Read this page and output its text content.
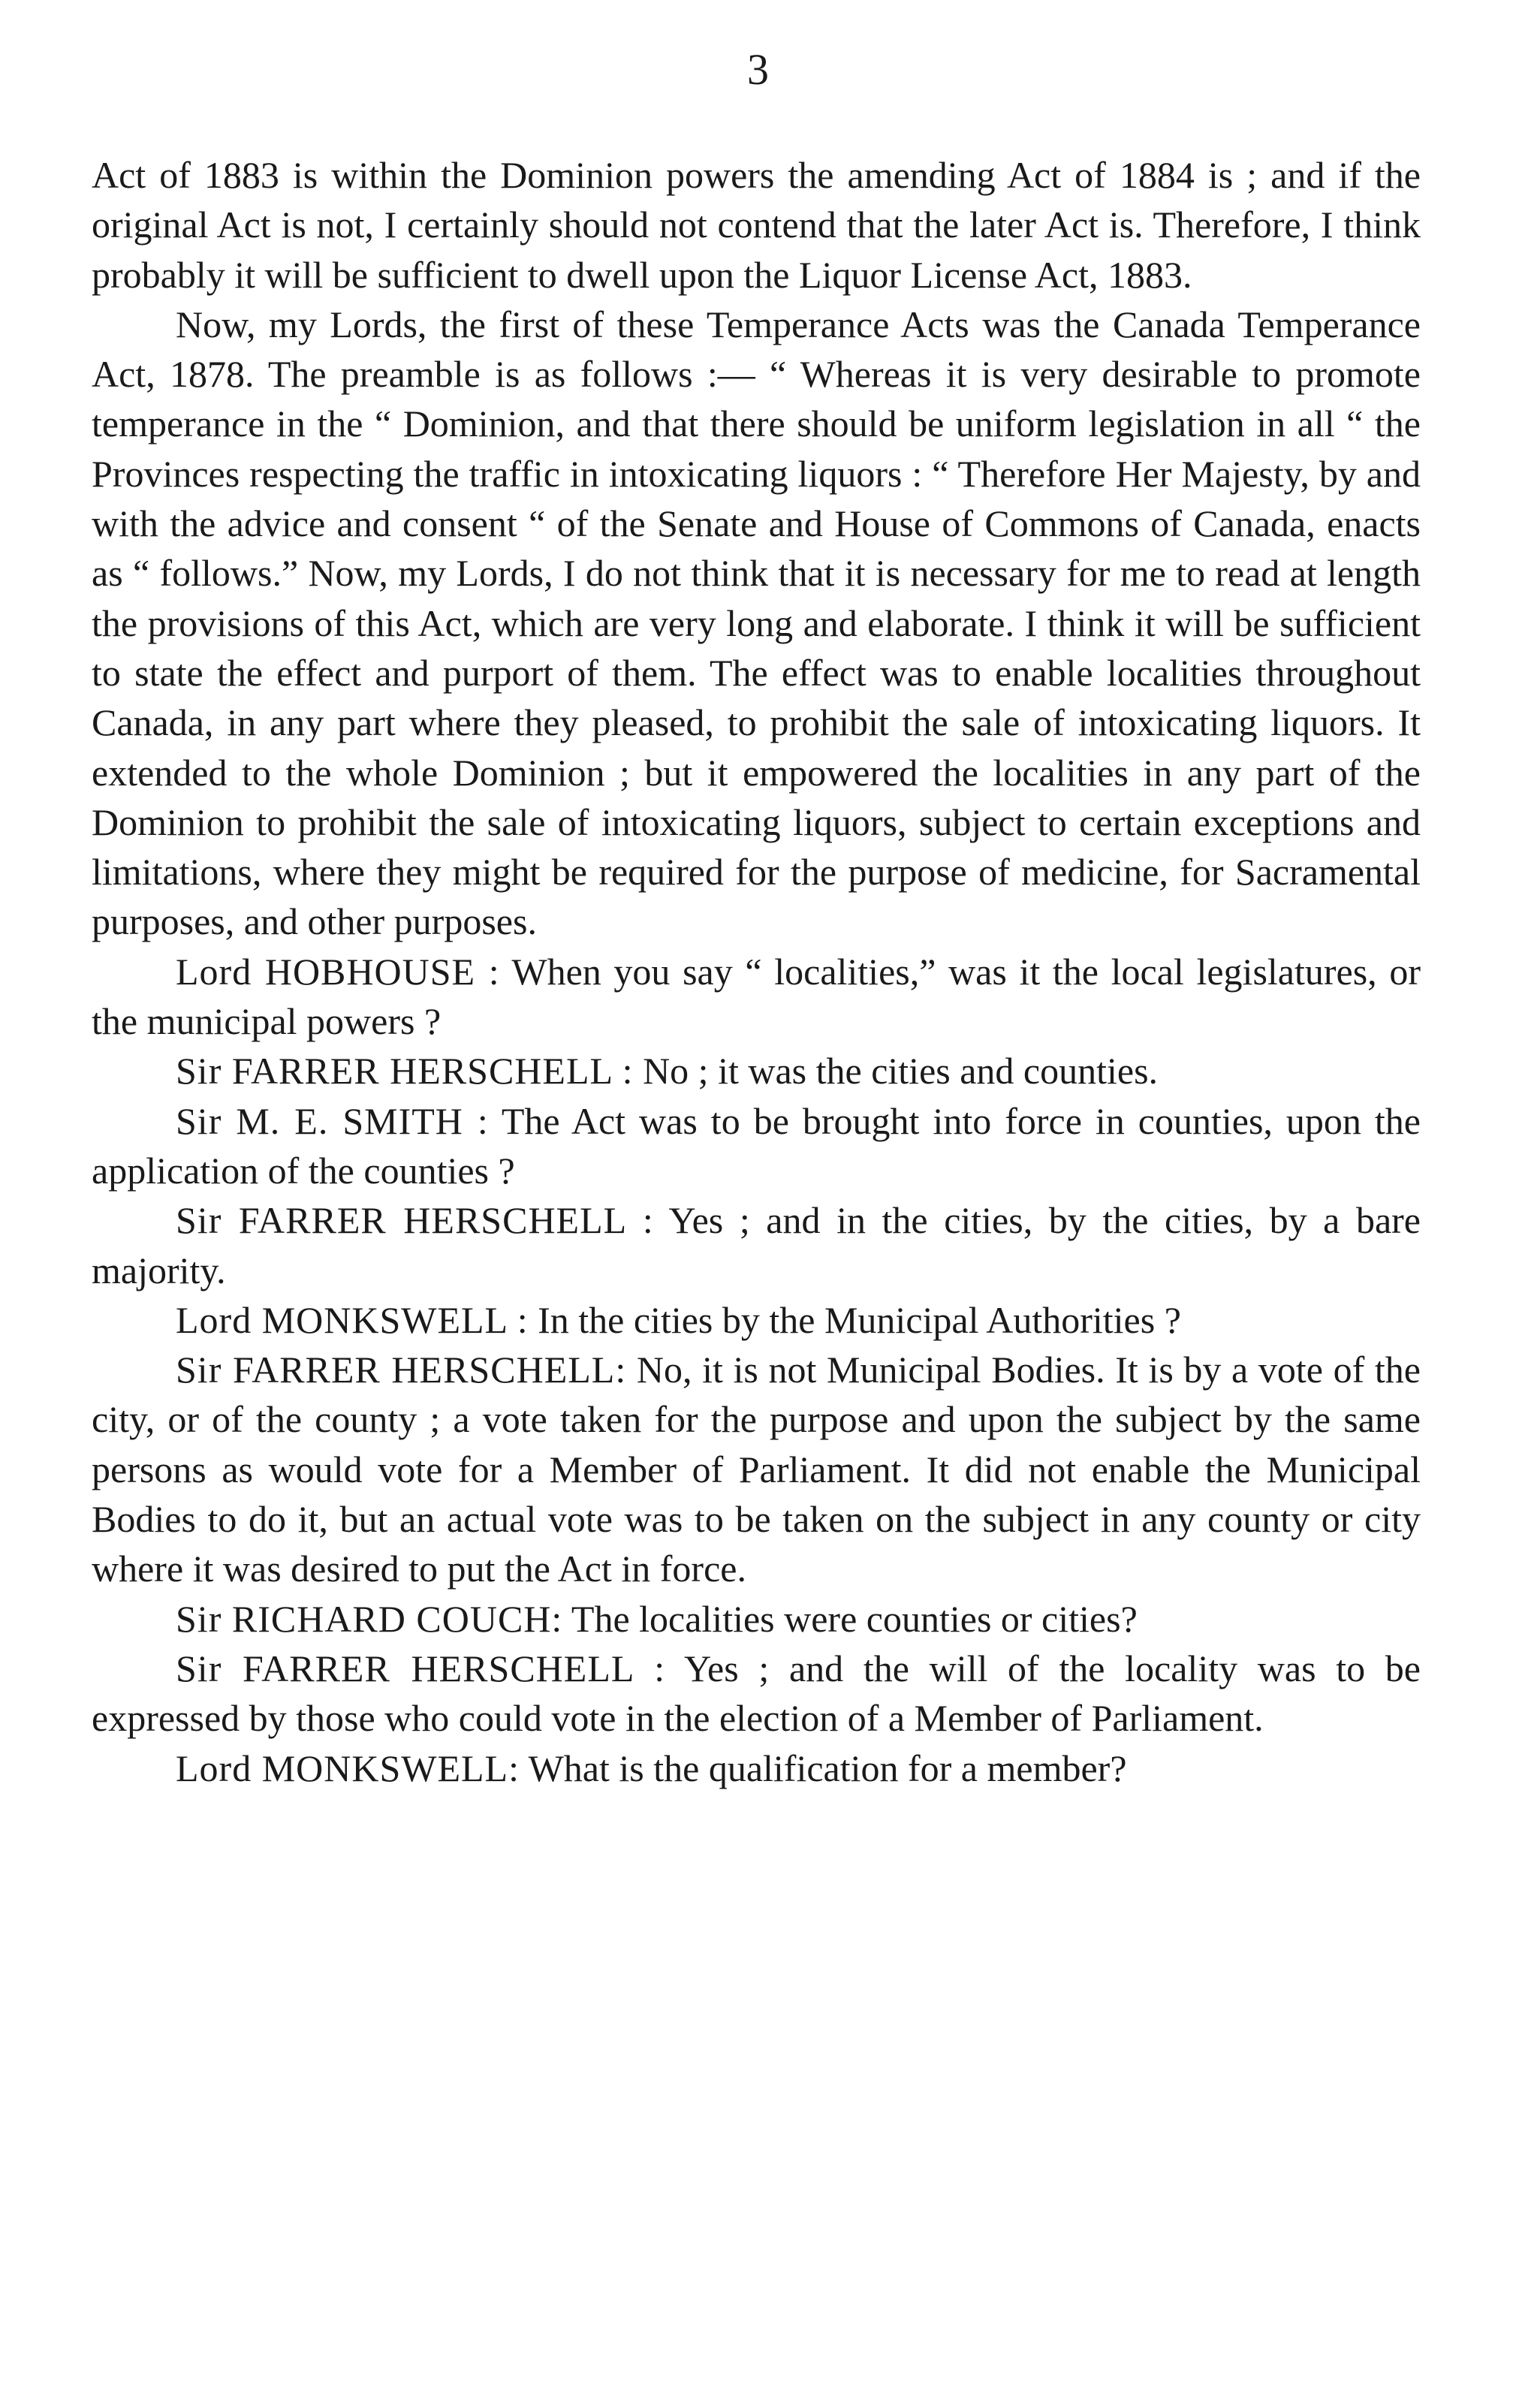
3

Act of 1883 is within the Dominion powers the amending Act of 1884 is ; and if the original Act is not, I certainly should not contend that the later Act is. Therefore, I think probably it will be sufficient to dwell upon the Liquor License Act, 1883.

Now, my Lords, the first of these Temperance Acts was the Canada Temperance Act, 1878. The preamble is as follows :— “ Whereas it is very desirable to promote temperance in the “ Dominion, and that there should be uniform legislation in all “ the Provinces respecting the traffic in intoxicating liquors : “ Therefore Her Majesty, by and with the advice and consent “ of the Senate and House of Commons of Canada, enacts as “ follows.” Now, my Lords, I do not think that it is necessary for me to read at length the provisions of this Act, which are very long and elaborate. I think it will be sufficient to state the effect and purport of them. The effect was to enable localities throughout Canada, in any part where they pleased, to prohibit the sale of intoxicating liquors. It extended to the whole Dominion ; but it empowered the localities in any part of the Dominion to prohibit the sale of intoxicating liquors, subject to certain exceptions and limitations, where they might be required for the purpose of medicine, for Sacramental purposes, and other purposes.

Lord HOBHOUSE : When you say “ localities,” was it the local legislatures, or the municipal powers ?

Sir FARRER HERSCHELL : No ; it was the cities and counties.

Sir M. E. SMITH : The Act was to be brought into force in counties, upon the application of the counties ?

Sir FARRER HERSCHELL : Yes ; and in the cities, by the cities, by a bare majority.

Lord MONKSWELL : In the cities by the Municipal Authorities ?

Sir FARRER HERSCHELL: No, it is not Municipal Bodies. It is by a vote of the city, or of the county ; a vote taken for the purpose and upon the subject by the same persons as would vote for a Member of Parliament. It did not enable the Municipal Bodies to do it, but an actual vote was to be taken on the subject in any county or city where it was desired to put the Act in force.

Sir RICHARD COUCH: The localities were counties or cities?

Sir FARRER HERSCHELL : Yes ; and the will of the locality was to be expressed by those who could vote in the election of a Member of Parliament.

Lord MONKSWELL: What is the qualification for a member?
